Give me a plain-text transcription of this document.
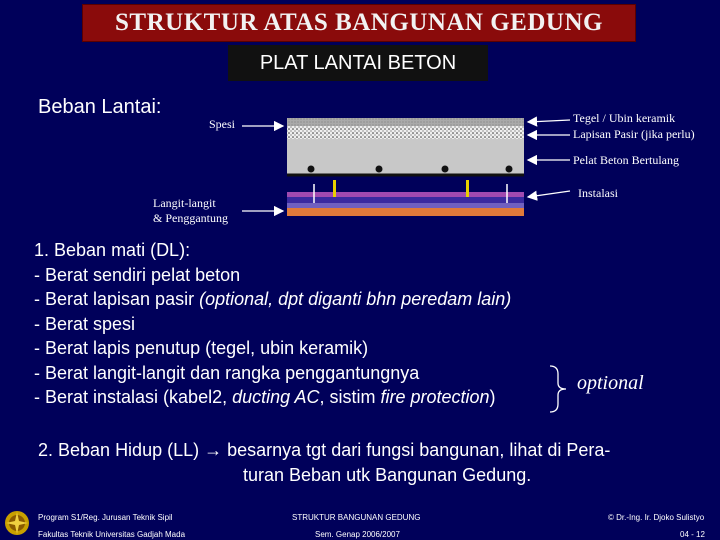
STRUKTUR ATAS BANGUNAN GEDUNG
PLAT LANTAI BETON
Beban Lantai:
Spesi	Tegel / Ubin keramik
Lapisan Pasir (jika perlu)
Pelat Beton Bertulang
Instalasi
Langit-langit
& Penggantung
1. Beban mati (DL):
- Berat sendiri pelat beton
- Berat lapisan pasir (optional, dpt diganti bhn peredam lain)
- Berat spesi
- Berat lapis penutup (tegel, ubin keramik)
- Berat langit-langit dan rangka penggantungnya
- Berat instalasi (kabel2, ducting AC, sistim fire protection)
optional
2. Beban Hidup (LL) → besarnya tgt dari fungsi bangunan, lihat di Pera-
turan Beban utk Bangunan Gedung.
Program S1/Reg. Jurusan Teknik Sipil
Fakultas Teknik Universitas Gadjah Mada
STRUKTUR BANGUNAN GEDUNG
Sem. Genap 2006/2007
© Dr.-Ing. Ir. Djoko Sulistyo
04 - 12
